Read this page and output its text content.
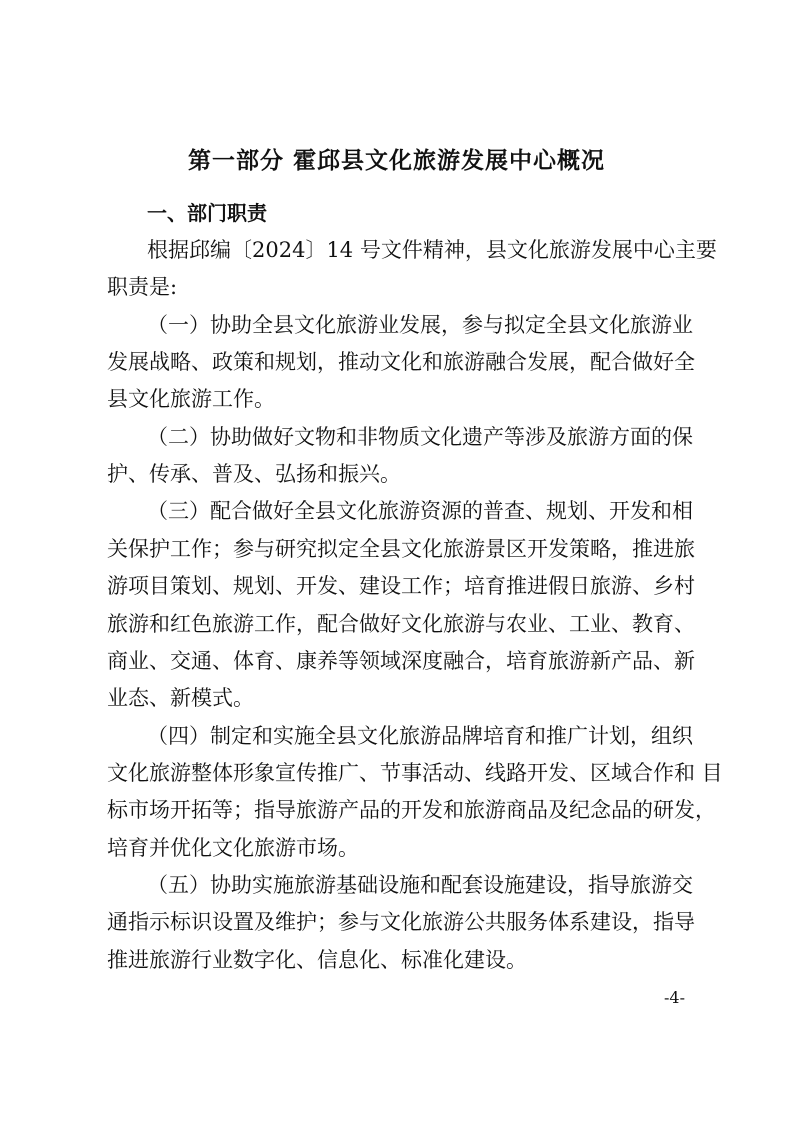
第一部分 霍邱县文化旅游发展中心概况
一、部门职责
根据邱编〔2024〕14 号文件精神，县文化旅游发展中心主要
职责是:
（一）协助全县文化旅游业发展，参与拟定全县文化旅游业
发展战略、政策和规划，推动文化和旅游融合发展，配合做好全
县文化旅游工作。
（二）协助做好文物和非物质文化遗产等涉及旅游方面的保
护、传承、普及、弘扬和振兴。
（三）配合做好全县文化旅游资源的普查、规划、开发和相
关保护工作；参与研究拟定全县文化旅游景区开发策略，推进旅
游项目策划、规划、开发、建设工作；培育推进假日旅游、乡村
旅游和红色旅游工作，配合做好文化旅游与农业、工业、教育、
商业、交通、体育、康养等领域深度融合，培育旅游新产品、新
业态、新模式。
（四）制定和实施全县文化旅游品牌培育和推广计划，组织
文化旅游整体形象宣传推广、节事活动、线路开发、区域合作和 目
标市场开拓等；指导旅游产品的开发和旅游商品及纪念品的研发，
培育并优化文化旅游市场。
（五）协助实施旅游基础设施和配套设施建设，指导旅游交
通指示标识设置及维护；参与文化旅游公共服务体系建设，指导
推进旅游行业数字化、信息化、标准化建设。
-4-
